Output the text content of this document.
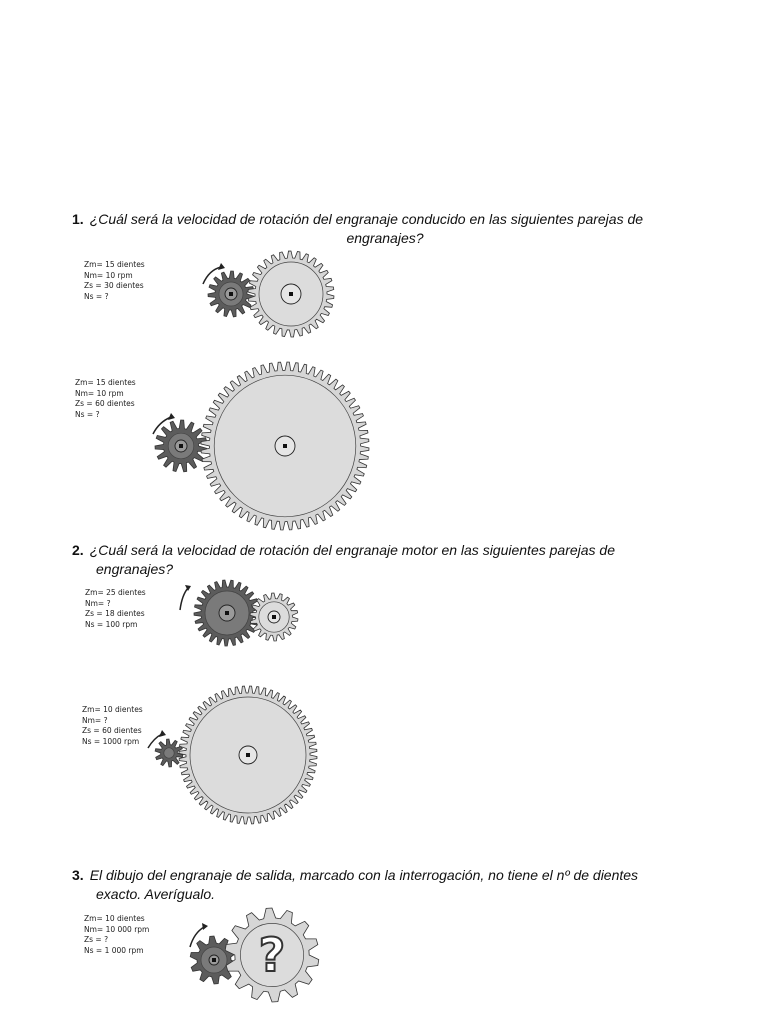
1. ¿Cuál será la velocidad de rotación del engranaje conducido en las siguientes parejas de
engranajes?
Zm= 15 dientes
Nm= 10 rpm
Zs = 30 dientes
Ns = ?
Zm= 15 dientes
Nm= 10 rpm
Zs = 60 dientes
Ns = ?
2. ¿Cuál será la velocidad de rotación del engranaje motor en las siguientes parejas de
engranajes?
Zm= 25 dientes
Nm= ?
Zs = 18 dientes
Ns = 100 rpm
Zm= 10 dientes
Nm= ?
Zs = 60 dientes
Ns = 1000 rpm
3. El dibujo del engranaje de salida, marcado con la interrogación, no tiene el nº de dientes
exacto. Averígualo.
Zm= 10 dientes
Nm= 10 000 rpm
Zs = ?
Ns = 1 000 rpm	?
